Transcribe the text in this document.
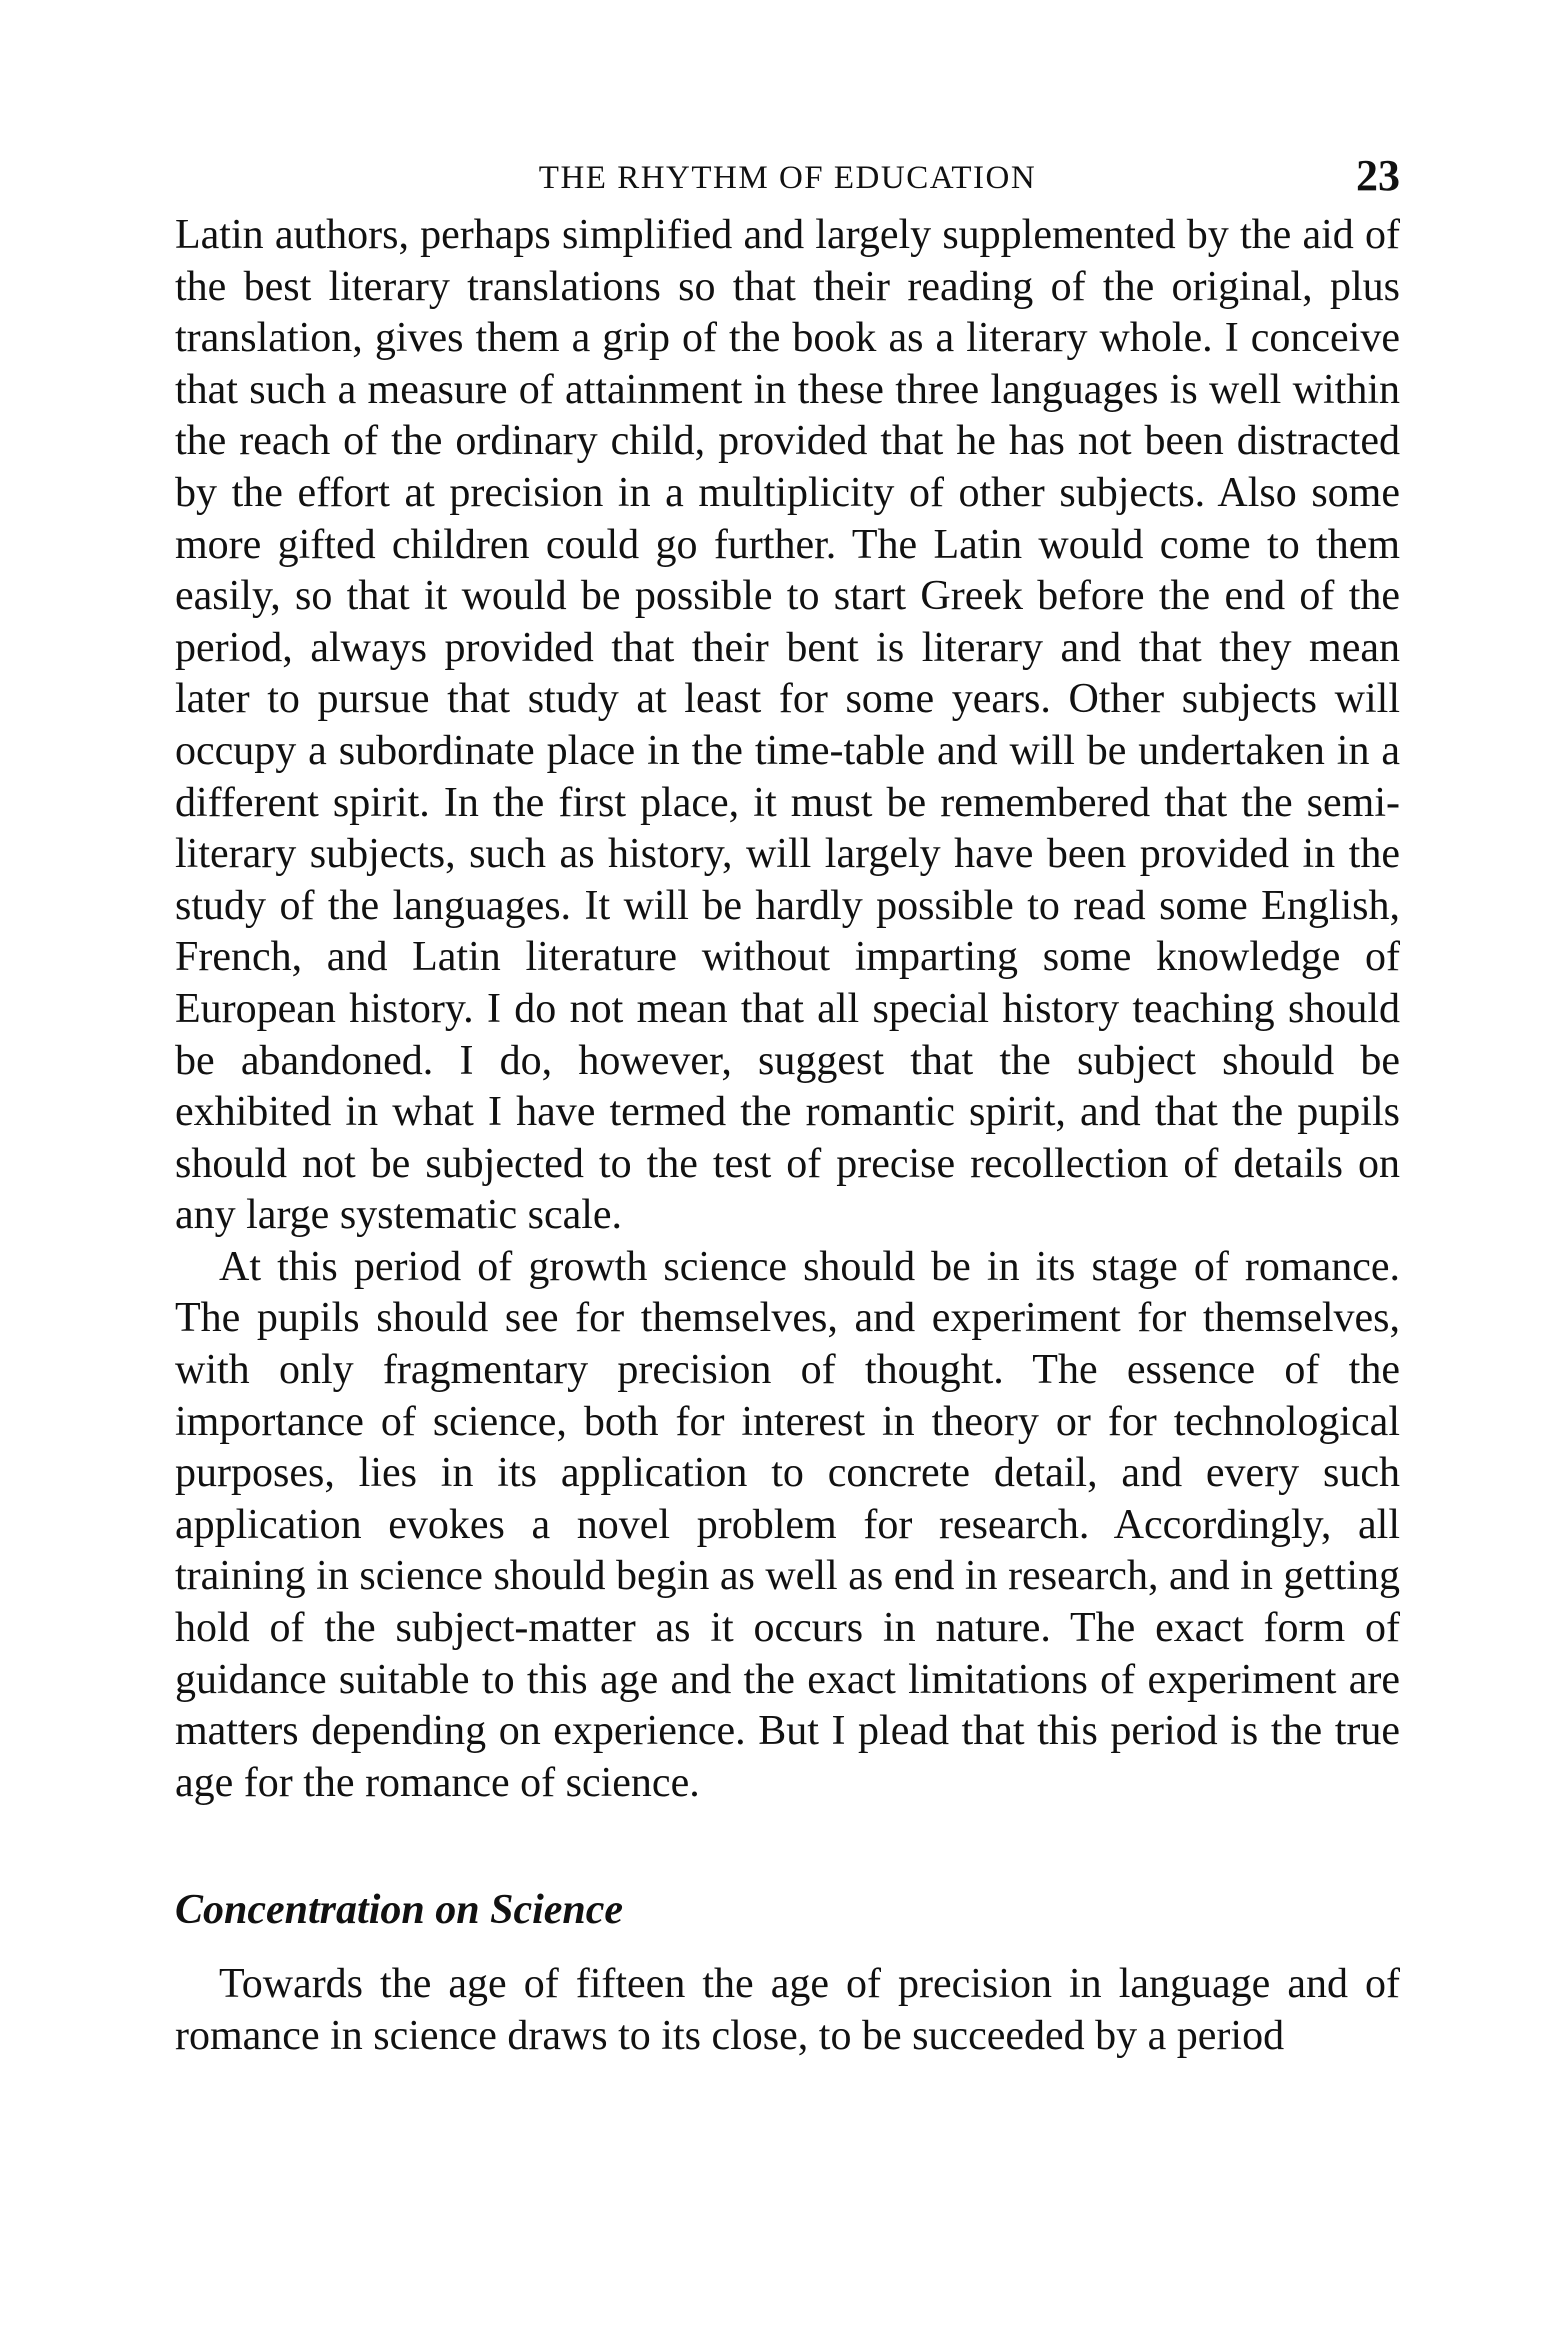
THE RHYTHM OF EDUCATION	23

Latin authors, perhaps simplified and largely supplemented by the aid of the best literary translations so that their reading of the original, plus translation, gives them a grip of the book as a literary whole. I conceive that such a measure of attainment in these three languages is well within the reach of the ordinary child, provided that he has not been distracted by the effort at precision in a multiplicity of other subjects. Also some more gifted children could go further. The Latin would come to them easily, so that it would be possible to start Greek before the end of the period, always provided that their bent is literary and that they mean later to pursue that study at least for some years. Other subjects will occupy a subordinate place in the time-table and will be undertaken in a different spirit. In the first place, it must be remembered that the semi-literary subjects, such as history, will largely have been provided in the study of the languages. It will be hardly possible to read some English, French, and Latin literature without imparting some knowledge of European history. I do not mean that all special history teaching should be abandoned. I do, however, suggest that the subject should be exhibited in what I have termed the romantic spirit, and that the pupils should not be subjected to the test of precise recollection of details on any large systematic scale.

At this period of growth science should be in its stage of romance. The pupils should see for themselves, and experiment for themselves, with only fragmentary precision of thought. The essence of the importance of science, both for interest in theory or for technological purposes, lies in its application to concrete detail, and every such application evokes a novel problem for research. Accordingly, all training in science should begin as well as end in research, and in getting hold of the subject-matter as it occurs in nature. The exact form of guidance suitable to this age and the exact limitations of experiment are matters depending on experience. But I plead that this period is the true age for the romance of science.

Concentration on Science

Towards the age of fifteen the age of precision in language and of romance in science draws to its close, to be succeeded by a period
